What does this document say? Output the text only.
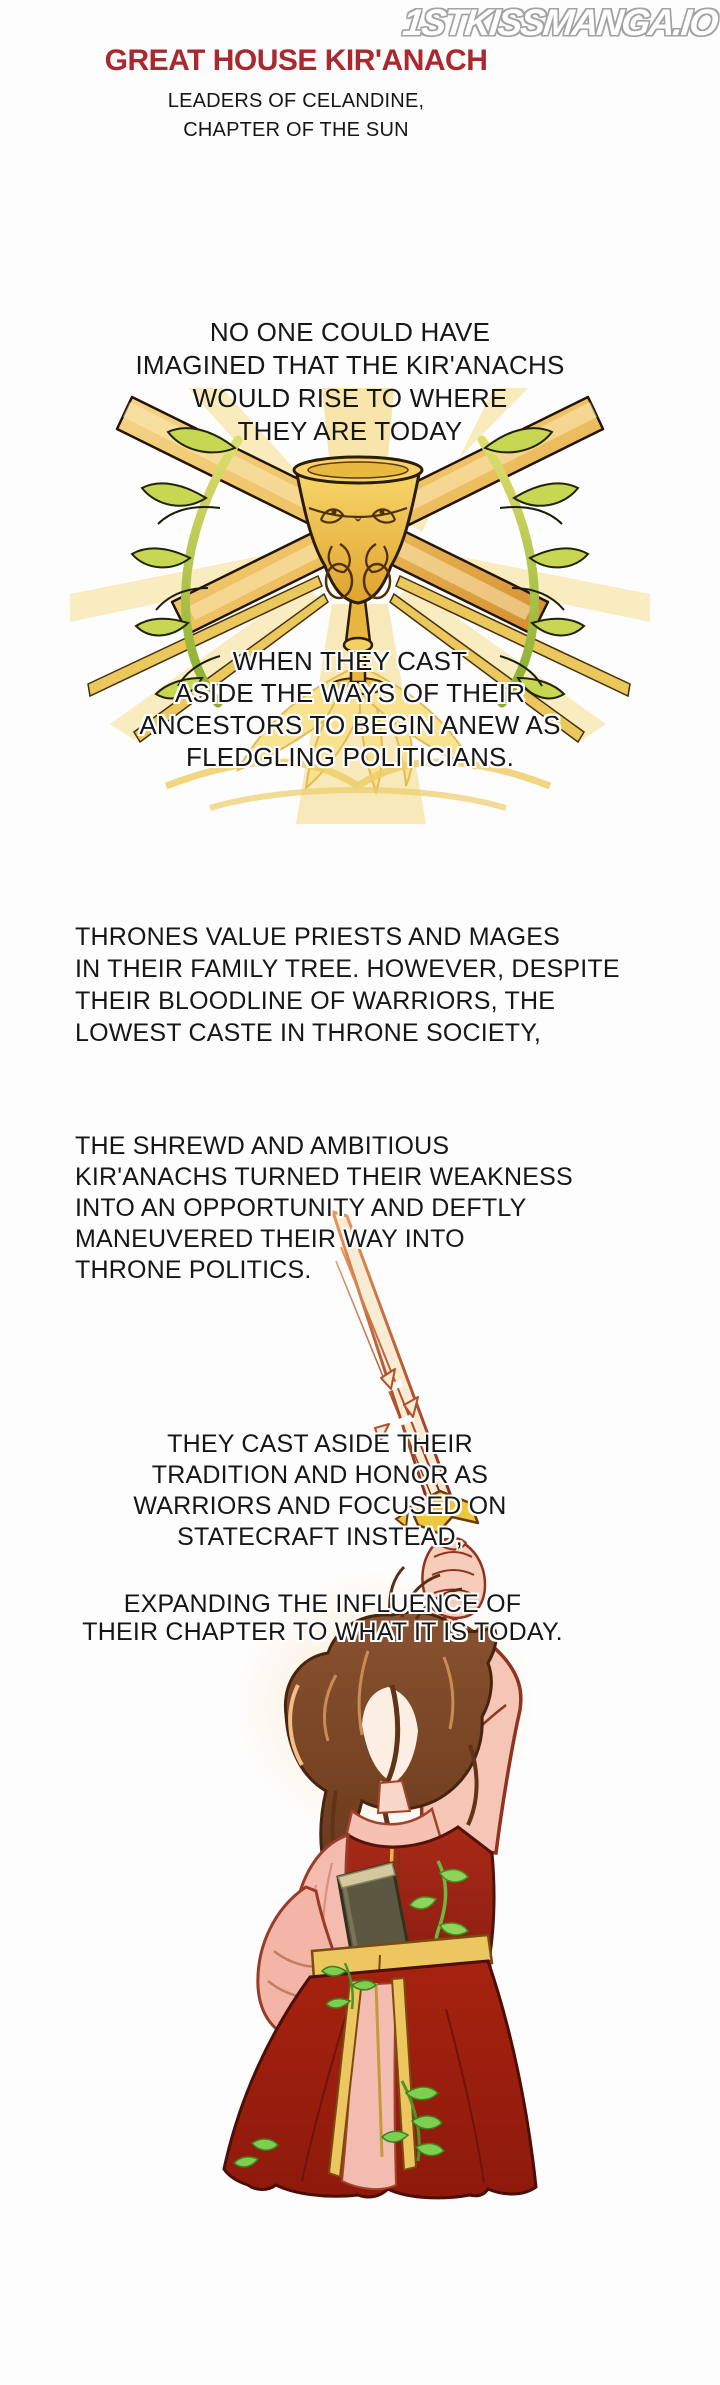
1STKISSMANGA.IO
GREAT HOUSE KIR'ANACH
LEADERS OF CELANDINE,
CHAPTER OF THE SUN
NO ONE COULD HAVE
IMAGINED THAT THE KIR'ANACHS
WOULD RISE TO WHERE
THEY ARE TODAY
WHEN THEY CAST
ASIDE THE WAYS OF THEIR
ANCESTORS TO BEGIN ANEW AS
FLEDGLING POLITICIANS.
THRONES VALUE PRIESTS AND MAGES
IN THEIR FAMILY TREE. HOWEVER, DESPITE
THEIR BLOODLINE OF WARRIORS, THE
LOWEST CASTE IN THRONE SOCIETY,
THE SHREWD AND AMBITIOUS
KIR'ANACHS TURNED THEIR WEAKNESS
INTO AN OPPORTUNITY AND DEFTLY
MANEUVERED THEIR WAY INTO
THRONE POLITICS.
THEY CAST ASIDE THEIR
TRADITION AND HONOR AS
WARRIORS AND FOCUSED ON
STATECRAFT INSTEAD,
EXPANDING THE INFLUENCE OF
THEIR CHAPTER TO WHAT IT IS TODAY.
